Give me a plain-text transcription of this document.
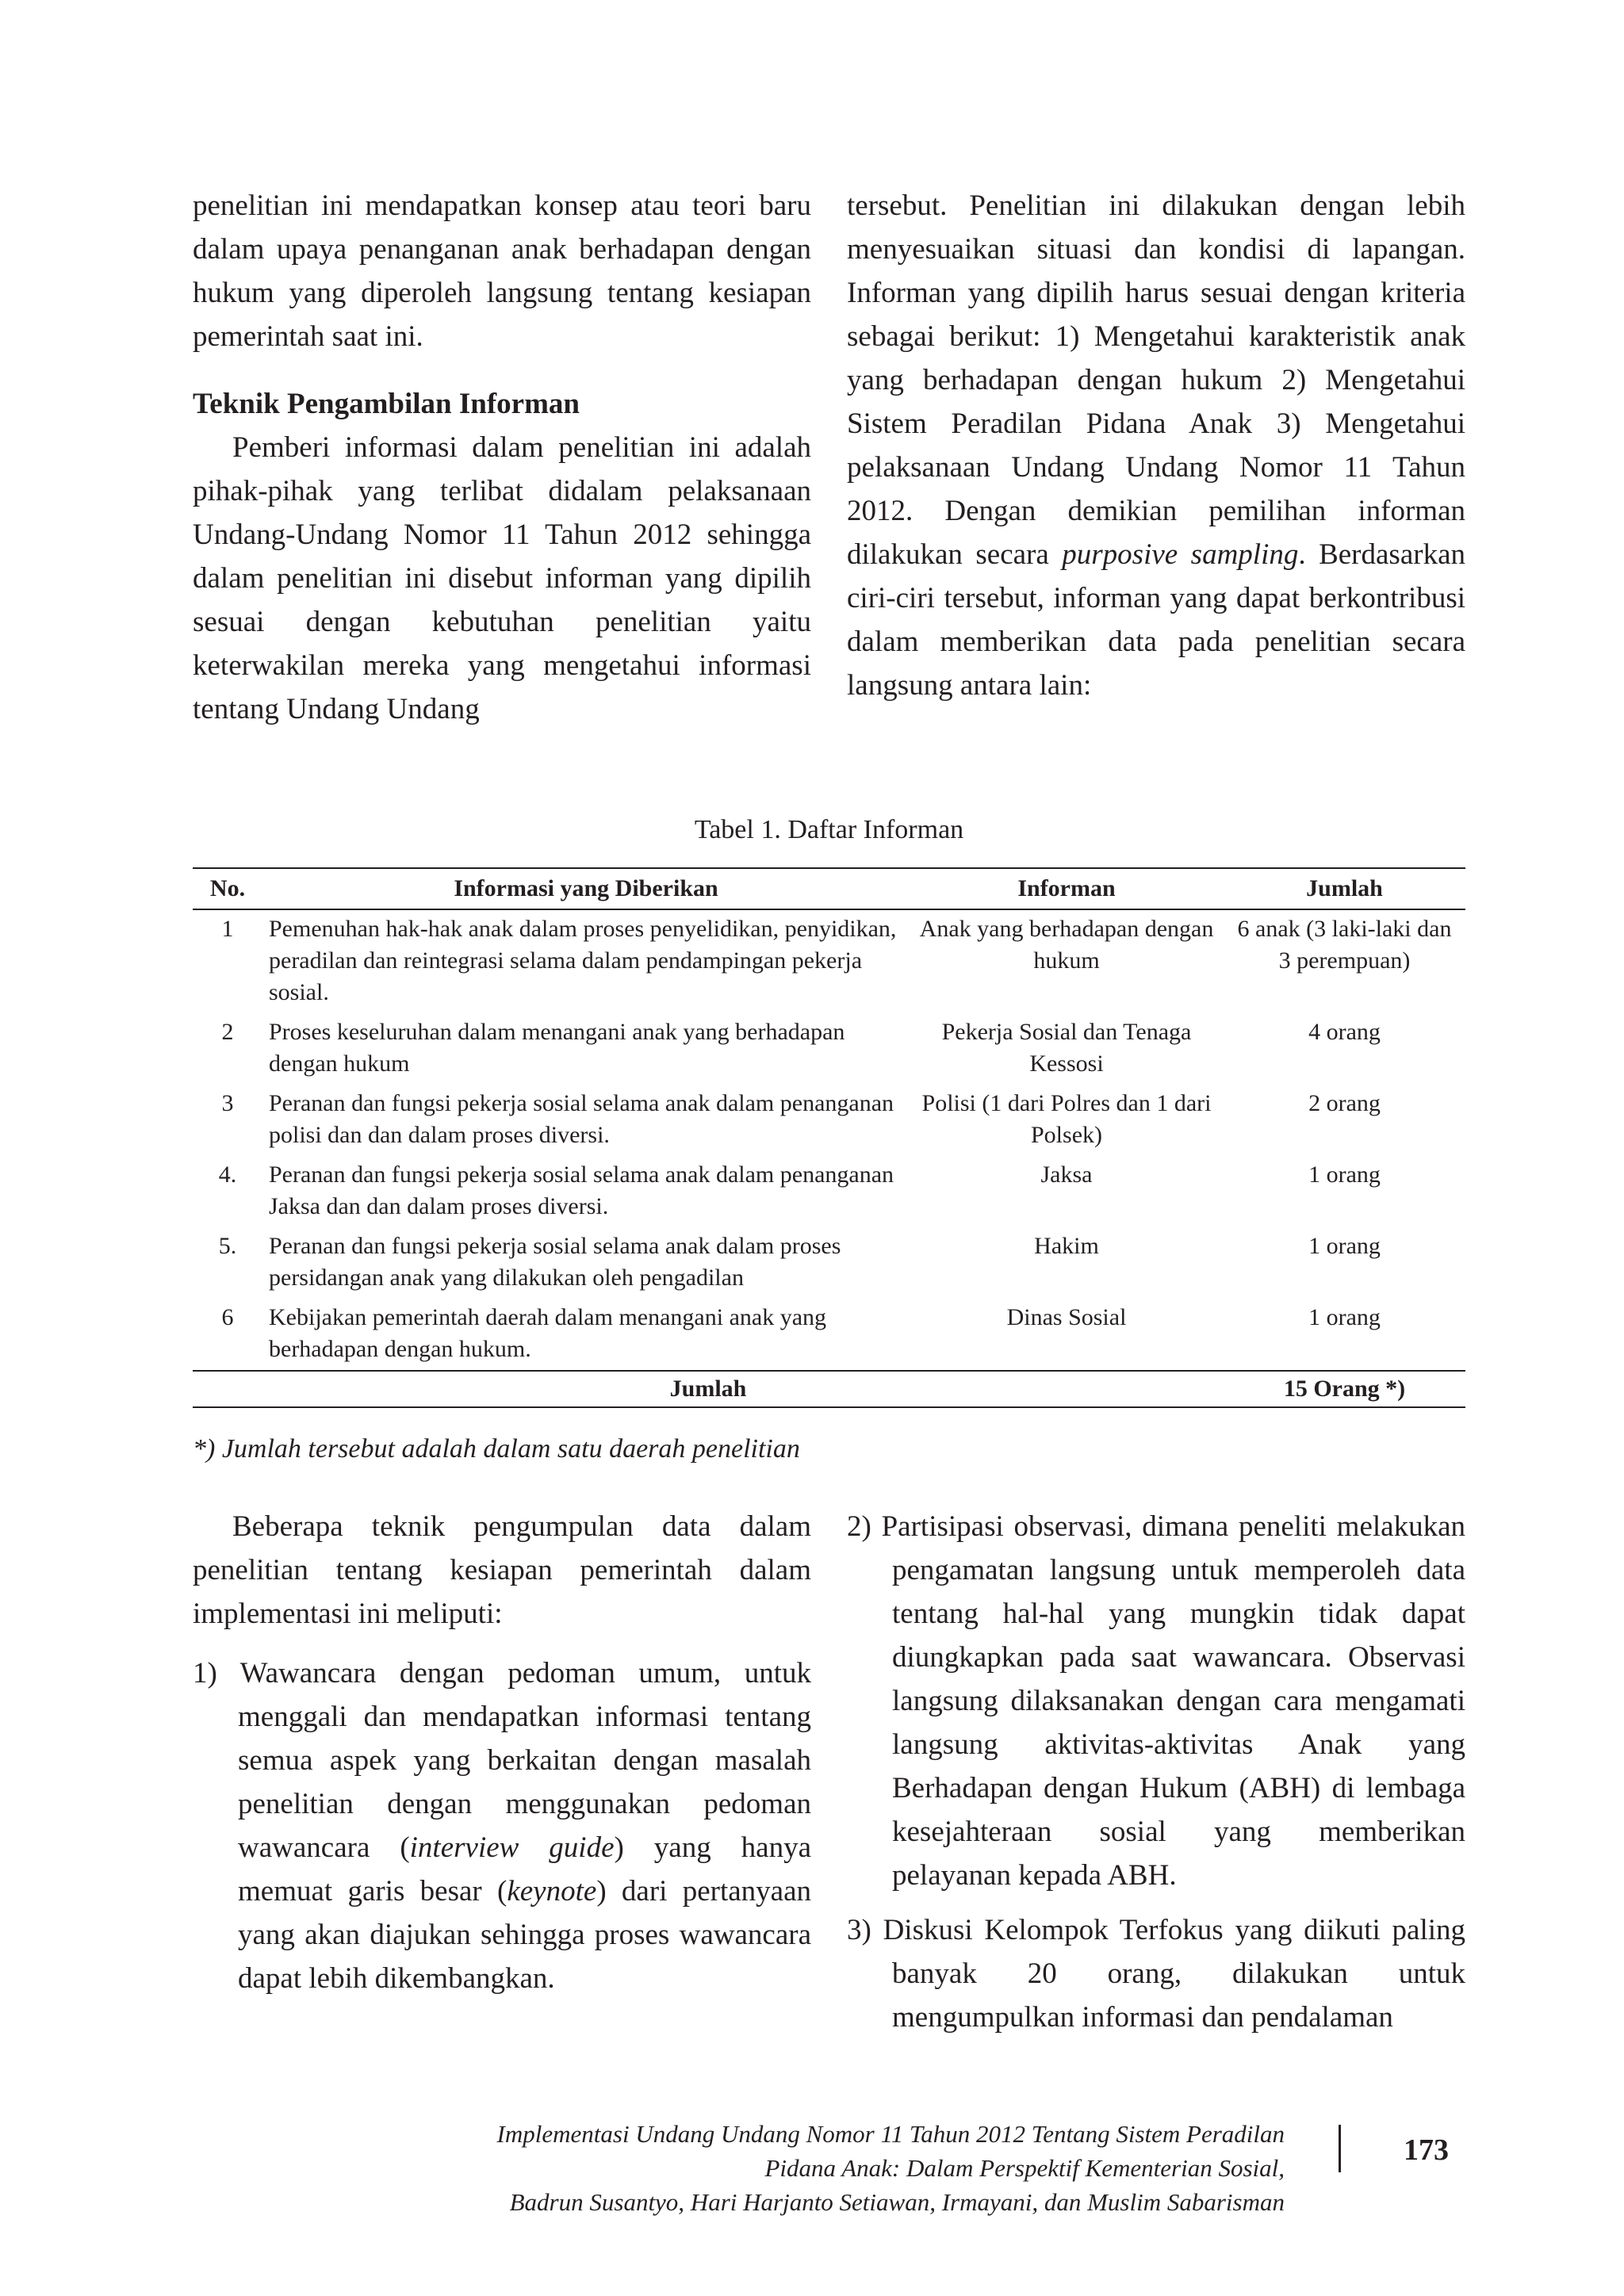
penelitian ini mendapatkan konsep atau teori baru dalam upaya penanganan anak berhadapan dengan hukum yang diperoleh langsung tentang kesiapan pemerintah saat ini.

Teknik Pengambilan Informan

Pemberi informasi dalam penelitian ini adalah pihak-pihak yang terlibat didalam pelaksanaan Undang-Undang Nomor 11 Tahun 2012 sehingga dalam penelitian ini disebut informan yang dipilih sesuai dengan kebutuhan penelitian yaitu keterwakilan mereka yang mengetahui informasi tentang Undang Undang

tersebut. Penelitian ini dilakukan dengan lebih menyesuaikan situasi dan kondisi di lapangan. Informan yang dipilih harus sesuai dengan kriteria sebagai berikut: 1) Mengetahui karakteristik anak yang berhadapan dengan hukum 2) Mengetahui Sistem Peradilan Pidana Anak 3) Mengetahui pelaksanaan Undang Undang Nomor 11 Tahun 2012. Dengan demikian pemilihan informan dilakukan secara purposive sampling. Berdasarkan ciri-ciri tersebut, informan yang dapat berkontribusi dalam memberikan data pada penelitian secara langsung antara lain:

Tabel 1. Daftar Informan
No.	Informasi yang Diberikan	Informan	Jumlah
1	Pemenuhan hak-hak anak dalam proses penyelidikan, penyidikan, peradilan dan reintegrasi selama dalam pendampingan pekerja sosial.	Anak yang berhadapan dengan hukum	6 anak (3 laki-laki dan 3 perempuan)
2	Proses keseluruhan dalam menangani anak yang berhadapan dengan hukum	Pekerja Sosial dan Tenaga Kessosi	4 orang
3	Peranan dan fungsi pekerja sosial selama anak dalam penanganan polisi dan dan dalam proses diversi.	Polisi (1 dari Polres dan 1 dari Polsek)	2 orang
4.	Peranan dan fungsi pekerja sosial selama anak dalam penanganan Jaksa dan dan dalam proses diversi.	Jaksa	1 orang
5.	Peranan dan fungsi pekerja sosial selama anak dalam proses persidangan anak yang dilakukan oleh pengadilan	Hakim	1 orang
6	Kebijakan pemerintah daerah dalam menangani anak yang berhadapan dengan hukum.	Dinas Sosial	1 orang
Jumlah			15 Orang *)
*) Jumlah tersebut adalah dalam satu daerah penelitian

Beberapa teknik pengumpulan data dalam penelitian tentang kesiapan pemerintah dalam implementasi ini meliputi:

1) Wawancara dengan pedoman umum, untuk menggali dan mendapatkan informasi tentang semua aspek yang berkaitan dengan masalah penelitian dengan menggunakan pedoman wawancara (interview guide) yang hanya memuat garis besar (keynote) dari pertanyaan yang akan diajukan sehingga proses wawancara dapat lebih dikembangkan.

2) Partisipasi observasi, dimana peneliti melakukan pengamatan langsung untuk memperoleh data tentang hal-hal yang mungkin tidak dapat diungkapkan pada saat wawancara. Observasi langsung dilaksanakan dengan cara mengamati langsung aktivitas-aktivitas Anak yang Berhadapan dengan Hukum (ABH) di lembaga kesejahteraan sosial yang memberikan pelayanan kepada ABH.

3) Diskusi Kelompok Terfokus yang diikuti paling banyak 20 orang, dilakukan untuk mengumpulkan informasi dan pendalaman

Implementasi Undang Undang Nomor 11 Tahun 2012 Tentang Sistem Peradilan
Pidana Anak: Dalam Perspektif Kementerian Sosial,
Badrun Susantyo, Hari Harjanto Setiawan, Irmayani, dan Muslim Sabarisman
173
